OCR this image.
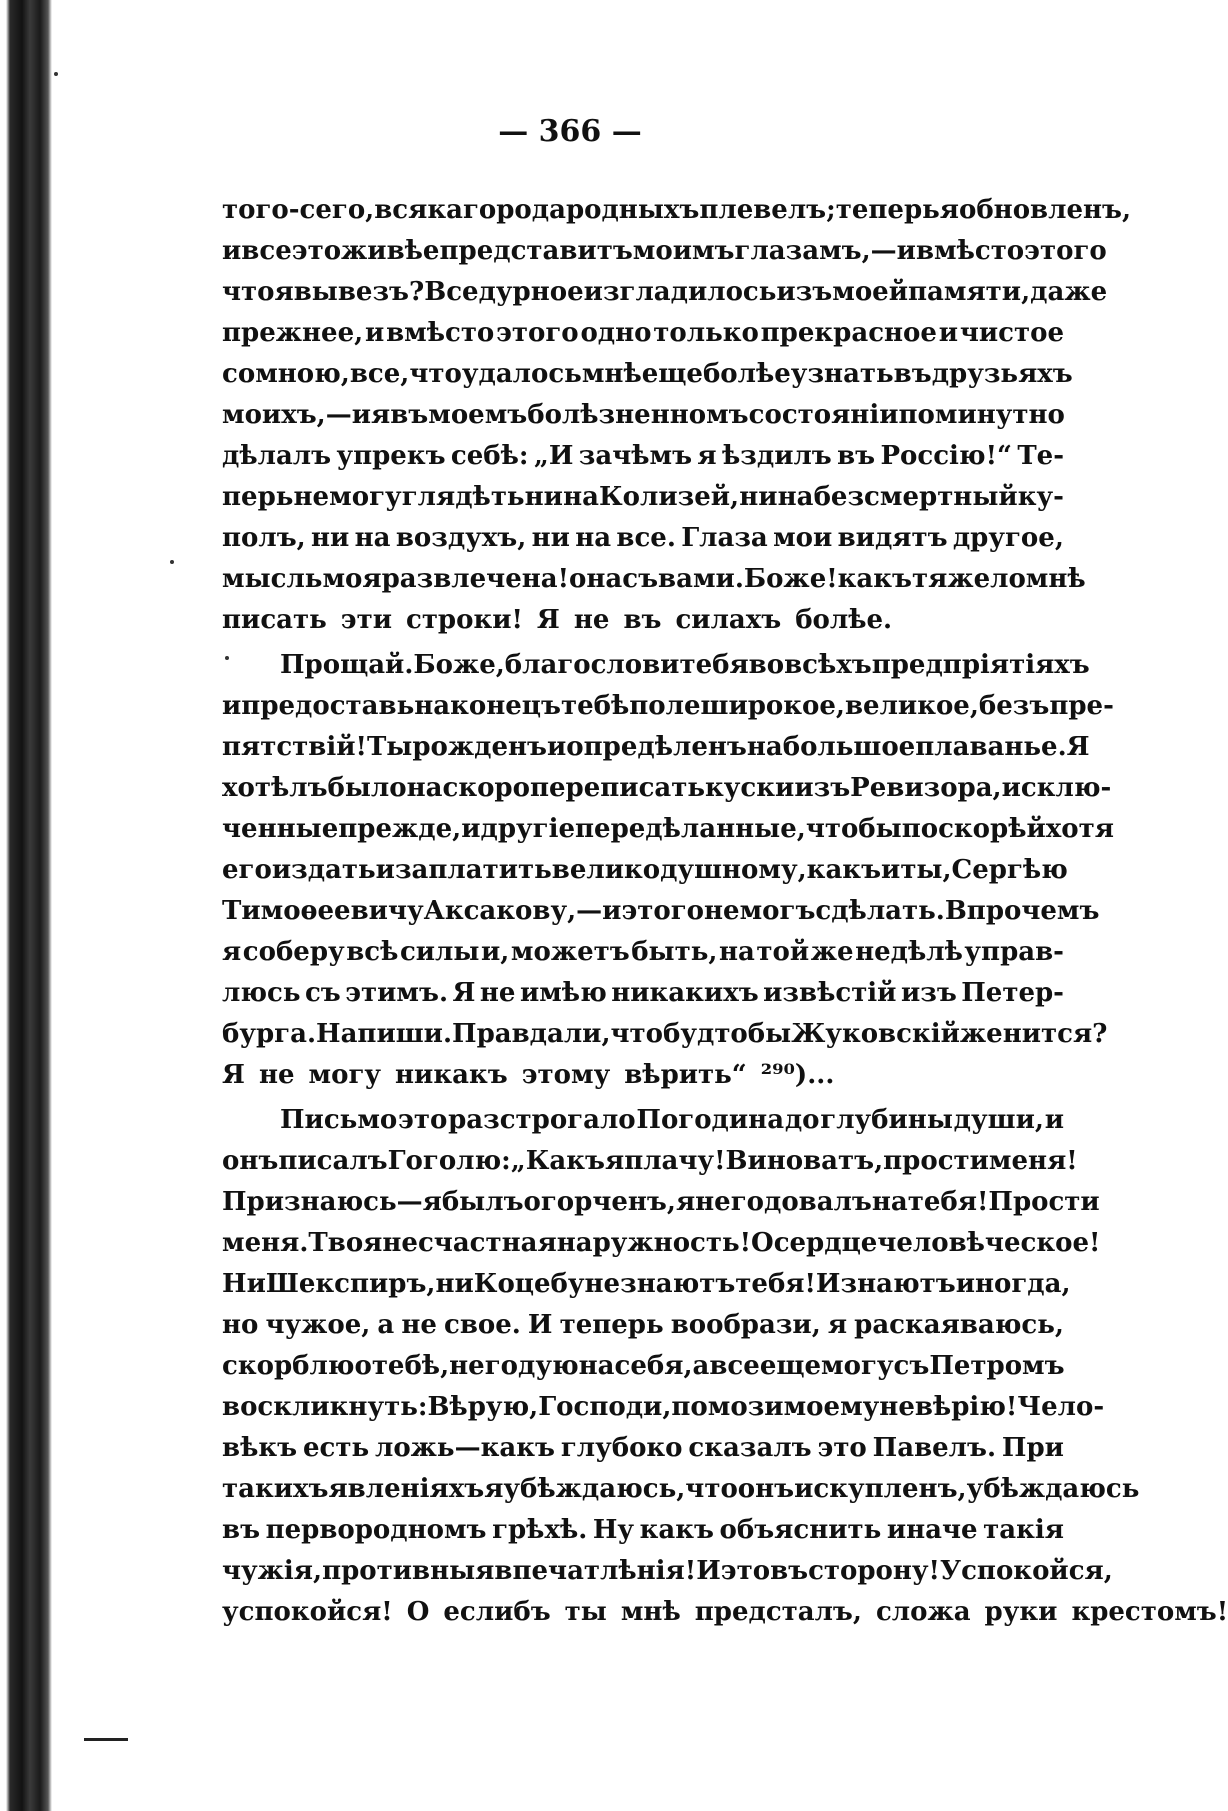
— 366 —
того-сего, всякаго рода родныхъ плевелъ; теперь я обновленъ,
и все это живѣе представитъ моимъ глазамъ,—и вмѣсто этого
что я вывезъ? Все дурное изгладилось изъ моей памяти, даже
прежнее, и вмѣсто этого одно только прекрасное и чистое
со мною, все, что удалось мнѣ еще болѣе узнать въ друзьяхъ
моихъ,—и я въ моемъ болѣзненномъ состояніи поминутно
дѣлалъ упрекъ себѣ: „И зачѣмъ я ѣздилъ въ Россію!“ Те-
перь не могу глядѣть ни на Колизей, ни на безсмертный ку-
полъ, ни на воздухъ, ни на все. Глаза мои видятъ другое,
мысль моя развлечена! она съ вами. Боже! какъ тяжело мнѣ
писать эти строки! Я не въ силахъ болѣе.
Прощай. Боже, благослови тебя во всѣхъ предпріятіяхъ
и предоставь наконецъ тебѣ поле широкое, великое, безъ пре-
пятствій! Ты рожденъ и опредѣленъ на большое плаванье. Я
хотѣлъ было наскоро переписать куски изъ Ревизора, исклю-
ченные прежде, и другіе передѣланные, чтобы поскорѣй хотя
его издать и заплатить великодушному, какъ и ты, Сергѣю
Тимоѳеевичу Аксакову,—и этого не могъ сдѣлать. Впрочемъ
я соберу всѣ силы и, можетъ быть, на той же недѣлѣ управ-
люсь съ этимъ. Я не имѣю никакихъ извѣстій изъ Петер-
бурга. Напиши. Правда ли, что будто бы Жуковскій женится?
Я не могу никакъ этому вѣрить“ ²⁹⁰)...
Письмо это разстрогало Погодина до глубины души, и
онъ писалъ Гоголю: „Какъ я плачу! Виноватъ, прости меня!
Признаюсь—я былъ огорченъ, я негодовалъ на тебя! Прости
меня. Твоя несчастная наружность! О сердце человѣческое!
Ни Шекспиръ, ни Коцебу не знаютъ тебя! И знаютъ иногда,
но чужое, а не свое. И теперь вообрази, я раскаяваюсь,
скорблю о тебѣ, негодую на себя, а все еще могу съ Петромъ
воскликнуть: Вѣрую, Господи, помози моему невѣрію! Чело-
вѣкъ есть ложь—какъ глубоко сказалъ это Павелъ. При
такихъ явленіяхъ я убѣждаюсь, что онъ искупленъ, убѣждаюсь
въ первородномъ грѣхѣ. Ну какъ объяснить иначе такія
чужія, противныя впечатлѣнія! И это въ сторону! Успокойся,
успокойся! О еслибъ ты мнѣ предсталъ, сложа руки крестомъ!
